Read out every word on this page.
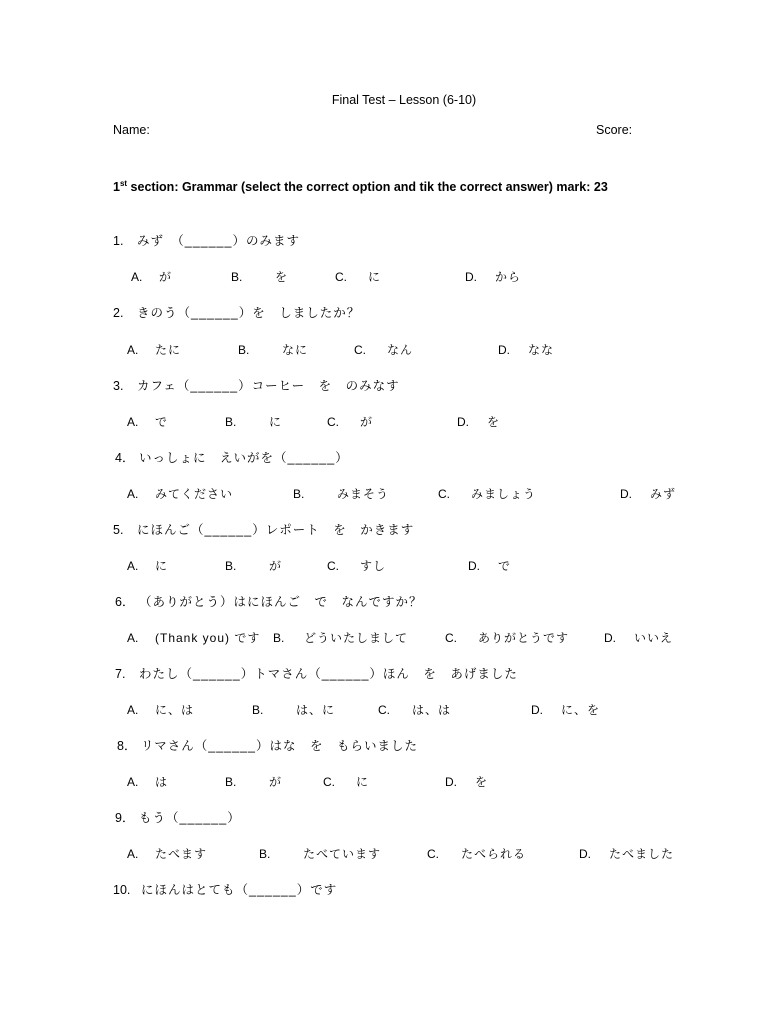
Final Test – Lesson (6-10)
Name:	Score:
1st section: Grammar (select the correct option and tik the correct answer) mark: 23
1. みず　（______）のみます
A. が	B.	を	C. に	D. から
2. きのう（______）を　しましたか？
A. たに	B.	なに	C. なん	D. なな
3. カフェ（______）コーヒー　を　のみなす
A. で	B.	に	C. が	D. を
4． いっしょに　えいがを（______）
A. みてください	B.	みまそう	C. みましょう	D. みず
5. にほんご（______）レポート　を　かきます
A. に	B.	が	C. すし	D. で
6． （ありがとう）はにほんご　で　なんですか？
A. (Thank you) です B. どういたしまして	C. ありがとうです	D. いいえ
7. わたし（______）トマさん（______）ほん　を　あげました
A. に、は	B.	は、に	C. は、は	D. に、を
8． リマさん（______）はな　を　もらいました
A. は	B.	が	C. に	D. を
9． もう（______）
A. たべます	B.	たべています	C. たべられる	D. たべました
10. にほんはとても（______）です
